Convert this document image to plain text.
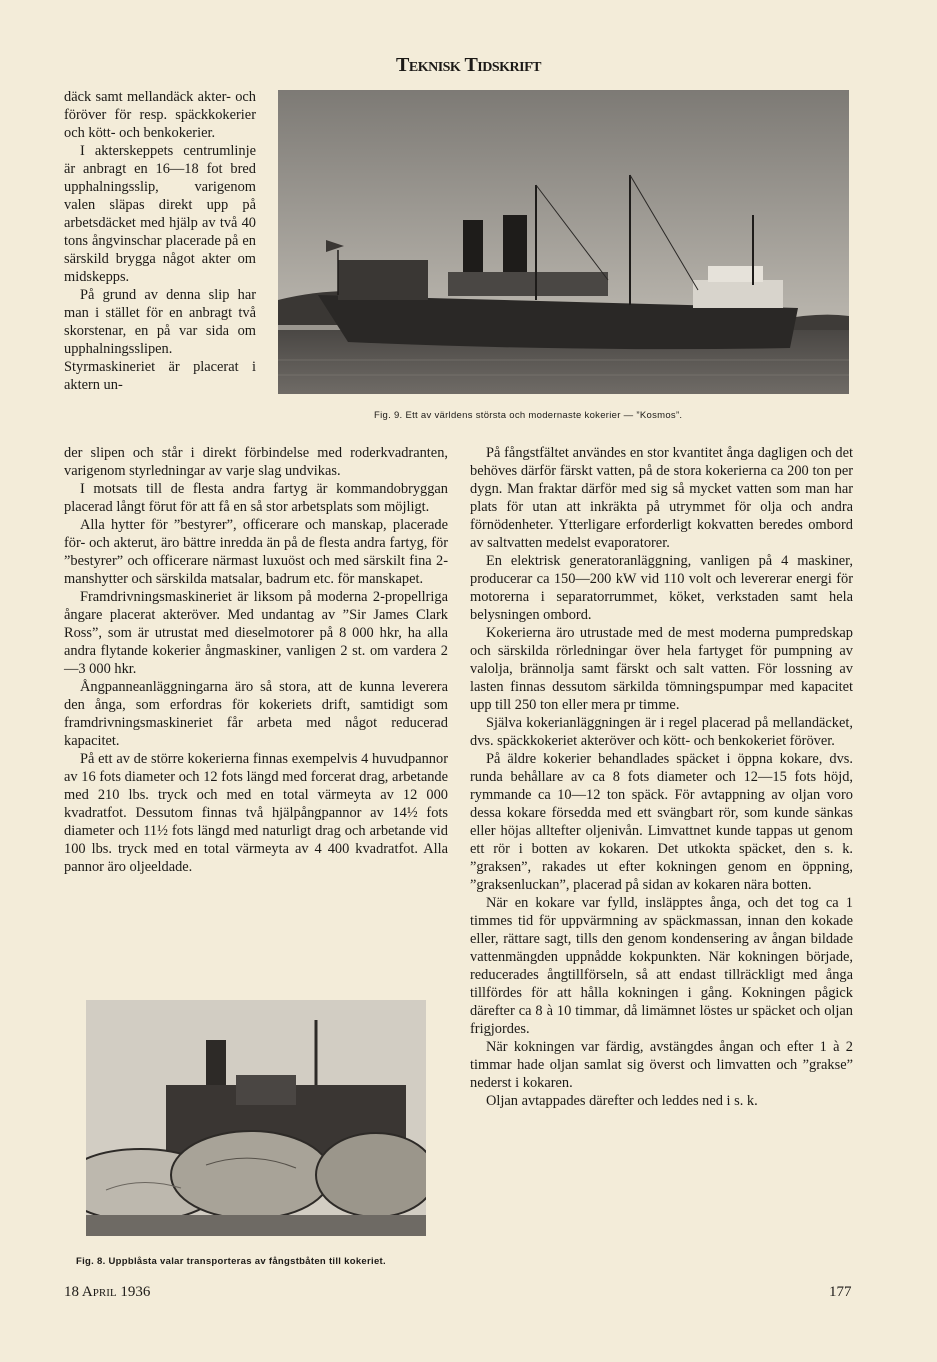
Teknisk Tidskrift

däck samt mellandäck akter- och föröver för resp. späckkokerier och kött- och benkokerier.

I akterskeppets centrumlinje är anbragt en 16—18 fot bred upphalningsslip, varigenom valen släpas direkt upp på arbetsdäcket med hjälp av två 40 tons ångvinschar placerade på en särskild brygga något akter om midskepps.

På grund av denna slip har man i stället för en anbragt två skorstenar, en på var sida om upphalningsslipen. Styrmaskineriet är placerat i aktern un-

der slipen och står i direkt förbindelse med roderkvadranten, varigenom styrledningar av varje slag undvikas.

I motsats till de flesta andra fartyg är kommandobryggan placerad långt förut för att få en så stor arbetsplats som möjligt.

Alla hytter för ”bestyrer”, officerare och manskap, placerade för- och akterut, äro bättre inredda än på de flesta andra fartyg, för ”bestyrer” och officerare närmast luxuöst och med särskilt fina 2-manshytter och särskilda matsalar, badrum etc. för manskapet.

Framdrivningsmaskineriet är liksom på moderna 2-propellriga ångare placerat akteröver. Med undantag av ”Sir James Clark Ross”, som är utrustat med dieselmotorer på 8 000 hkr, ha alla andra flytande kokerier ångmaskiner, vanligen 2 st. om vardera 2—3 000 hkr.

Ångpanneanläggningarna äro så stora, att de kunna leverera den ånga, som erfordras för kokeriets drift, samtidigt som framdrivningsmaskineriet får arbeta med något reducerad kapacitet.

På ett av de större kokerierna finnas exempelvis 4 huvudpannor av 16 fots diameter och 12 fots längd med forcerat drag, arbetande med 210 lbs. tryck och med en total värmeyta av 12 000 kvadratfot. Dessutom finnas två hjälpångpannor av 14½ fots diameter och 11½ fots längd med naturligt drag och arbetande vid 100 lbs. tryck med en total värmeyta av 4 400 kvadratfot. Alla pannor äro oljeeldade.

Fig. 9. Ett av världens största och modernaste kokerier — ”Kosmos”.

På fångstfältet användes en stor kvantitet ånga dagligen och det behöves därför färskt vatten, på de stora kokerierna ca 200 ton per dygn. Man fraktar därför med sig så mycket vatten som man har plats för utan att inkräkta på utrymmet för olja och andra förnödenheter. Ytterligare erforderligt kokvatten beredes ombord av saltvatten medelst evaporatorer.

En elektrisk generatoranläggning, vanligen på 4 maskiner, producerar ca 150—200 kW vid 110 volt och levererar energi för motorerna i separatorrummet, köket, verkstaden samt hela belysningen ombord.

Kokerierna äro utrustade med de mest moderna pumpredskap och särskilda rörledningar över hela fartyget för pumpning av valolja, brännolja samt färskt och salt vatten. För lossning av lasten finnas dessutom särkilda tömningspumpar med kapacitet upp till 250 ton eller mera pr timme.

Själva kokerianläggningen är i regel placerad på mellandäcket, dvs. späckkokeriet akteröver och kött- och benkokeriet föröver.

På äldre kokerier behandlades späcket i öppna kokare, dvs. runda behållare av ca 8 fots diameter och 12—15 fots höjd, rymmande ca 10—12 ton späck. För avtappning av oljan voro dessa kokare försedda med ett svängbart rör, som kunde sänkas eller höjas alltefter oljenivån. Limvattnet kunde tappas ut genom ett rör i botten av kokaren. Det utkokta späcket, den s. k. ”graksen”, rakades ut efter kokningen genom en öppning, ”graksenluckan”, placerad på sidan av kokaren nära botten.

När en kokare var fylld, insläpptes ånga, och det tog ca 1 timmes tid för uppvärmning av späckmassan, innan den kokade eller, rättare sagt, tills den genom kondensering av ångan bildade vattenmängden uppnådde kokpunkten. När kokningen började, reducerades ångtillförseln, så att endast tillräckligt med ånga tillfördes för att hålla kokningen i gång. Kokningen pågick därefter ca 8 à 10 timmar, då limämnet löstes ur späcket och oljan frigjordes.

När kokningen var färdig, avstängdes ångan och efter 1 à 2 timmar hade oljan samlat sig överst och limvatten och ”grakse” nederst i kokaren.

Oljan avtappades därefter och leddes ned i s. k.

Fig. 8. Uppblåsta valar transporteras av fångstbåten till kokeriet.
18 April 1936	177
